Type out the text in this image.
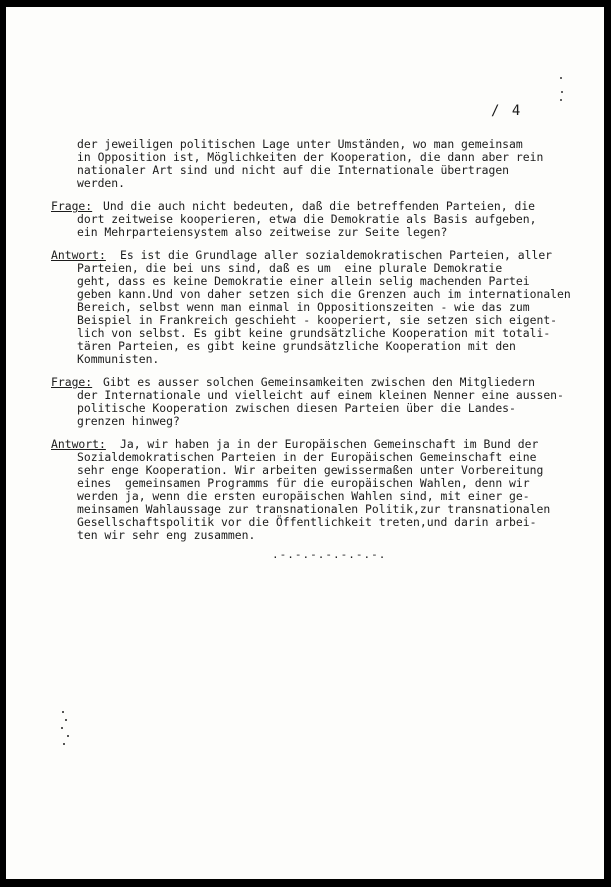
/ 4
der jeweiligen politischen Lage unter Umständen, wo man gemeinsam
in Opposition ist, Möglichkeiten der Kooperation, die dann aber rein
nationaler Art sind und nicht auf die Internationale übertragen
werden.
Frage: Und die auch nicht bedeuten, daß die betreffenden Parteien, die
dort zeitweise kooperieren, etwa die Demokratie als Basis aufgeben,
ein Mehrparteiensystem also zeitweise zur Seite legen?
Antwort: Es ist die Grundlage aller sozialdemokratischen Parteien, aller
Parteien, die bei uns sind, daß es um  eine plurale Demokratie
geht, dass es keine Demokratie einer allein selig machenden Partei
geben kann.Und von daher setzen sich die Grenzen auch im internationalen
Bereich, selbst wenn man einmal in Oppositionszeiten - wie das zum
Beispiel in Frankreich geschieht - kooperiert, sie setzen sich eigent-
lich von selbst. Es gibt keine grundsätzliche Kooperation mit totali-
tären Parteien, es gibt keine grundsätzliche Kooperation mit den
Kommunisten.
Frage: Gibt es ausser solchen Gemeinsamkeiten zwischen den Mitgliedern
der Internationale und vielleicht auf einem kleinen Nenner eine aussen-
politische Kooperation zwischen diesen Parteien über die Landes-
grenzen hinweg?
Antwort: Ja, wir haben ja in der Europäischen Gemeinschaft im Bund der
Sozialdemokratischen Parteien in der Europäischen Gemeinschaft eine
sehr enge Kooperation. Wir arbeiten gewissermaßen unter Vorbereitung
eines  gemeinsamen Programms für die europäischen Wahlen, denn wir
werden ja, wenn die ersten europäischen Wahlen sind, mit einer ge-
meinsamen Wahlaussage zur transnationalen Politik,zur transnationalen
Gesellschaftspolitik vor die Öffentlichkeit treten,und darin arbei-
ten wir sehr eng zusammen.
.-.-.-.-.-.-.-.
